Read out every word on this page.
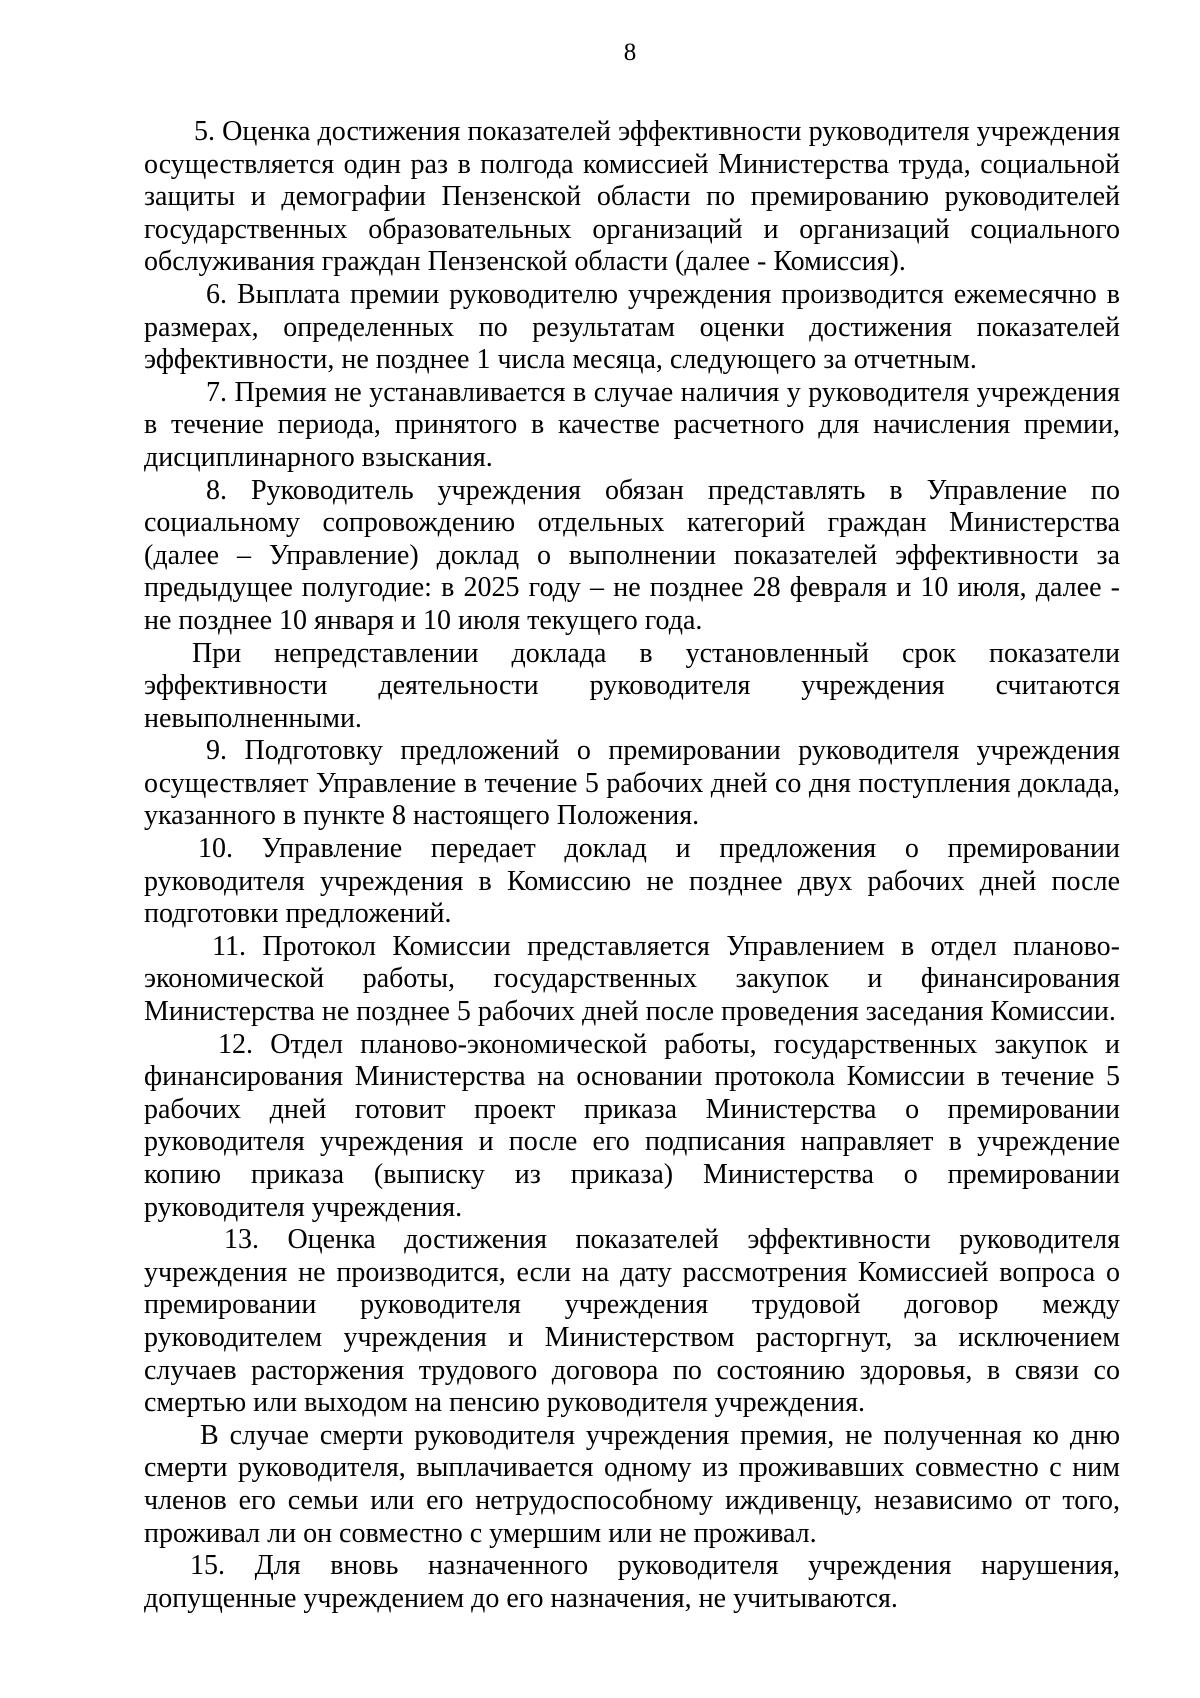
8

5. Оценка достижения показателей эффективности руководителя учреждения осуществляется один раз в полгода комиссией Министерства труда, социальной защиты и демографии Пензенской области по премированию руководителей государственных образовательных организаций и организаций социального обслуживания граждан Пензенской области (далее - Комиссия).

6. Выплата премии руководителю учреждения производится ежемесячно в размерах, определенных по результатам оценки достижения показателей эффективности, не позднее 1 числа месяца, следующего за отчетным.

7. Премия не устанавливается в случае наличия у руководителя учреждения в течение периода, принятого в качестве расчетного для начисления премии, дисциплинарного взыскания.

8. Руководитель учреждения обязан представлять в Управление по социальному сопровождению отдельных категорий граждан Министерства (далее – Управление) доклад о выполнении показателей эффективности за предыдущее полугодие: в 2025 году – не позднее 28 февраля и 10 июля, далее - не позднее 10 января и 10 июля текущего года.

При непредставлении доклада в установленный срок показатели эффективности деятельности руководителя учреждения считаются невыполненными.

9. Подготовку предложений о премировании руководителя учреждения осуществляет Управление в течение 5 рабочих дней со дня поступления доклада, указанного в пункте 8 настоящего Положения.

10. Управление передает доклад и предложения о премировании руководителя учреждения в Комиссию не позднее двух рабочих дней после подготовки предложений.

11. Протокол Комиссии представляется Управлением в отдел планово-экономической работы, государственных закупок и финансирования Министерства не позднее 5 рабочих дней после проведения заседания Комиссии.

12. Отдел планово-экономической работы, государственных закупок и финансирования Министерства на основании протокола Комиссии в течение 5 рабочих дней готовит проект приказа Министерства о премировании руководителя учреждения и после его подписания направляет в учреждение копию приказа (выписку из приказа) Министерства о премировании руководителя учреждения.

13. Оценка достижения показателей эффективности руководителя учреждения не производится, если на дату рассмотрения Комиссией вопроса о премировании руководителя учреждения трудовой договор между руководителем учреждения и Министерством расторгнут, за исключением случаев расторжения трудового договора по состоянию здоровья, в связи со смертью или выходом на пенсию руководителя учреждения.

В случае смерти руководителя учреждения премия, не полученная ко дню смерти руководителя, выплачивается одному из проживавших совместно с ним членов его семьи или его нетрудоспособному иждивенцу, независимо от того, проживал ли он совместно с умершим или не проживал.

15. Для вновь назначенного руководителя учреждения нарушения, допущенные учреждением до его назначения, не учитываются.
